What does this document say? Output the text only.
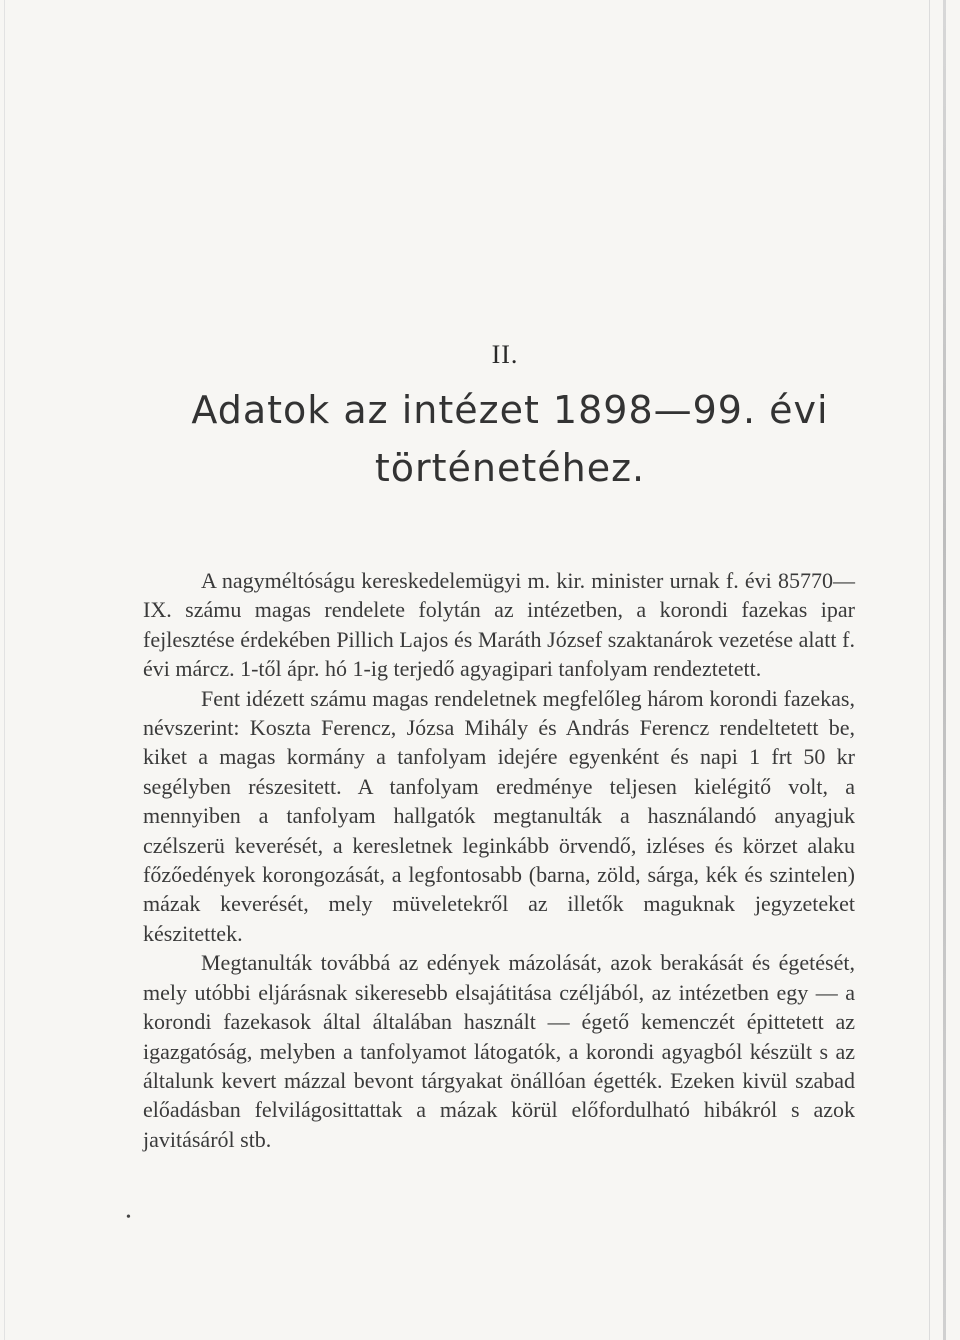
II.
Adatok az intézet 1898—99. évi
történetéhez.

A nagyméltóságu kereskedelemügyi m. kir. minister urnak f. évi 85770—IX. számu magas rendelete folytán az intézetben, a korondi fazekas ipar fejlesztése érdekében Pillich Lajos és Maráth József szaktanárok vezetése alatt f. évi márcz. 1-től ápr. hó 1-ig terjedő agyagipari tanfolyam rendeztetett.

Fent idézett számu magas rendeletnek megfelőleg három korondi fazekas, névszerint: Koszta Ferencz, Józsa Mihály és András Ferencz rendeltetett be, kiket a magas kormány a tanfolyam idejére egyenként és napi 1 frt 50 kr segélyben részesitett. A tanfolyam eredménye teljesen kielégitő volt, a mennyiben a tanfolyam hallgatók megtanulták a használandó anyagjuk czélszerü keverését, a keresletnek leginkább örvendő, izléses és körzet alaku főzőedények korongozását, a legfontosabb (barna, zöld, sárga, kék és szintelen) mázak keverését, mely müveletekről az illetők maguknak jegyzeteket készitettek.

Megtanulták továbbá az edények mázolását, azok berakását és égetését, mely utóbbi eljárásnak sikeresebb elsajátitása czéljából, az intézetben egy — a korondi fazekasok által általában használt — égető kemenczét épittetett az igazgatóság, melyben a tanfolyamot látogatók, a korondi agyagból készült s az általunk kevert mázzal bevont tárgyakat önállóan égették. Ezeken kivül szabad előadásban felvilágosittattak a mázak körül előfordulható hibákról s azok javitásáról stb.

•
